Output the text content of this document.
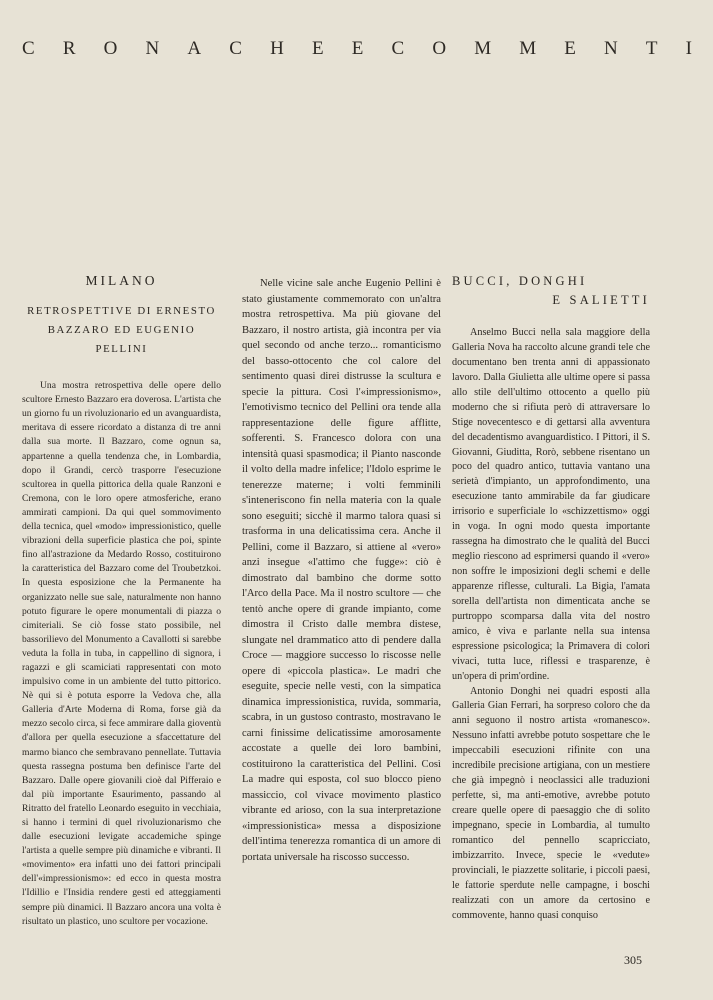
C R O N A C H E E C O M M E N T I
MILANO
RETROSPETTIVE DI ERNESTO
BAZZARO ED EUGENIO PELLINI

Una mostra retrospettiva delle opere dello scultore Ernesto Bazzaro era doverosa. L'artista che un giorno fu un rivoluzionario ed un avanguardista, meritava di essere ricordato a distanza di tre anni dalla sua morte. Il Bazzaro, come ognun sa, appartenne a quella tendenza che, in Lombardia, dopo il Grandi, cercò trasporre l'esecuzione scultorea in quella pittorica della quale Ranzoni e Cremona, con le loro opere atmosferiche, erano ammirati campioni. Da qui quel sommovimento della tecnica, quel «modo» impressionistico, quelle vibrazioni della superficie plastica che poi, spinte fino all'astrazione da Medardo Rosso, costituirono la caratteristica del Bazzaro come del Troubetzkoi. In questa esposizione che la Permanente ha organizzato nelle sue sale, naturalmente non hanno potuto figurare le opere monumentali di piazza o cimiteriali. Se ciò fosse stato possibile, nel bassorilievo del Monumento a Cavallotti si sarebbe veduta la folla in tuba, in cappellino di signora, i ragazzi e gli scamiciati rappresentati con moto impulsivo come in un ambiente del tutto pittorico. Nè qui si è potuta esporre la Vedova che, alla Galleria d'Arte Moderna di Roma, forse già da mezzo secolo circa, si fece ammirare dalla gioventù d'allora per quella esecuzione a sfaccettature del marmo bianco che sembravano pennellate. Tuttavia questa rassegna postuma ben definisce l'arte del Bazzaro. Dalle opere giovanili cioè dal Pifferaio e dal più importante Esaurimento, passando al Ritratto del fratello Leonardo eseguito in vecchiaia, si hanno i termini di quel rivoluzionarismo che dalle esecuzioni levigate accademiche spinge l'artista a quelle sempre più dinamiche e vibranti. Il «movimento» era infatti uno dei fattori principali dell'«impressionismo»: ed ecco in questa mostra l'Idillio e l'Insidia rendere gesti ed atteggiamenti sempre più dinamici. Il Bazzaro ancora una volta è risultato un plastico, uno scultore per vocazione.

Nelle vicine sale anche Eugenio Pellini è stato giustamente commemorato con un'altra mostra retrospettiva. Ma più giovane del Bazzaro, il nostro artista, già incontra per via quel secondo od anche terzo... romanticismo del basso-ottocento che col calore del sentimento quasi direi distrusse la scultura e specie la pittura. Così l'«impressionismo», l'emotivismo tecnico del Pellini ora tende alla rappresentazione delle figure afflitte, sofferenti. S. Francesco dolora con una intensità quasi spasmodica; il Pianto nasconde il volto della madre infelice; l'Idolo esprime le tenerezze materne; i volti femminili s'inteneriscono fin nella materia con la quale sono eseguiti; sicchè il marmo talora quasi si trasforma in una delicatissima cera. Anche il Pellini, come il Bazzaro, si attiene al «vero» anzi insegue «l'attimo che fugge»: ciò è dimostrato dal bambino che dorme sotto l'Arco della Pace. Ma il nostro scultore — che tentò anche opere di grande impianto, come dimostra il Cristo dalle membra distese, slungate nel drammatico atto di pendere dalla Croce — maggiore successo lo riscosse nelle opere di «piccola plastica». Le madri che eseguite, specie nelle vesti, con la simpatica dinamica impressionistica, ruvida, sommaria, scabra, in un gustoso contrasto, mostravano le carni finissime delicatissime amorosamente accostate a quelle dei loro bambini, costituirono la caratteristica del Pellini. Così La madre qui esposta, col suo blocco pieno massiccio, col vivace movimento plastico vibrante ed arioso, con la sua interpretazione «impressionistica» messa a disposizione dell'intima tenerezza romantica di un amore di portata universale ha riscosso successo.

BUCCI, DONGHI
E SALIETTI

Anselmo Bucci nella sala maggiore della Galleria Nova ha raccolto alcune grandi tele che documentano ben trenta anni di appassionato lavoro. Dalla Giulietta alle ultime opere si passa allo stile dell'ultimo ottocento a quello più moderno che si rifiuta però di attraversare lo Stige novecentesco e di gettarsi alla avventura del decadentismo avanguardistico. I Pittori, il S. Giovanni, Giuditta, Rorò, sebbene risentano un poco del quadro antico, tuttavia vantano una serietà d'impianto, un approfondimento, una esecuzione tanto ammirabile da far giudicare irrisorio e superficiale lo «schizzettismo» oggi in voga. In ogni modo questa importante rassegna ha dimostrato che le qualità del Bucci meglio riescono ad esprimersi quando il «vero» non soffre le imposizioni degli schemi e delle apparenze riflesse, culturali. La Bigia, l'amata sorella dell'artista non dimenticata anche se purtroppo scomparsa dalla vita del nostro amico, è viva e parlante nella sua intensa espressione psicologica; la Primavera di colori vivaci, tutta luce, riflessi e trasparenze, è un'opera di prim'ordine.

Antonio Donghi nei quadri esposti alla Galleria Gian Ferrari, ha sorpreso coloro che da anni seguono il nostro artista «romanesco». Nessuno infatti avrebbe potuto sospettare che le impeccabili esecuzioni rifinite con una incredibile precisione artigiana, con un mestiere che già impegnò i neoclassici alle traduzioni perfette, sì, ma anti-emotive, avrebbe potuto creare quelle opere di paesaggio che di solito impegnano, specie in Lombardia, al tumulto romantico del pennello scapricciato, imbizzarrito. Invece, specie le «vedute» provinciali, le piazzette solitarie, i piccoli paesi, le fattorie sperdute nelle campagne, i boschi realizzati con un amore da certosino e commovente, hanno quasi conquiso

305
